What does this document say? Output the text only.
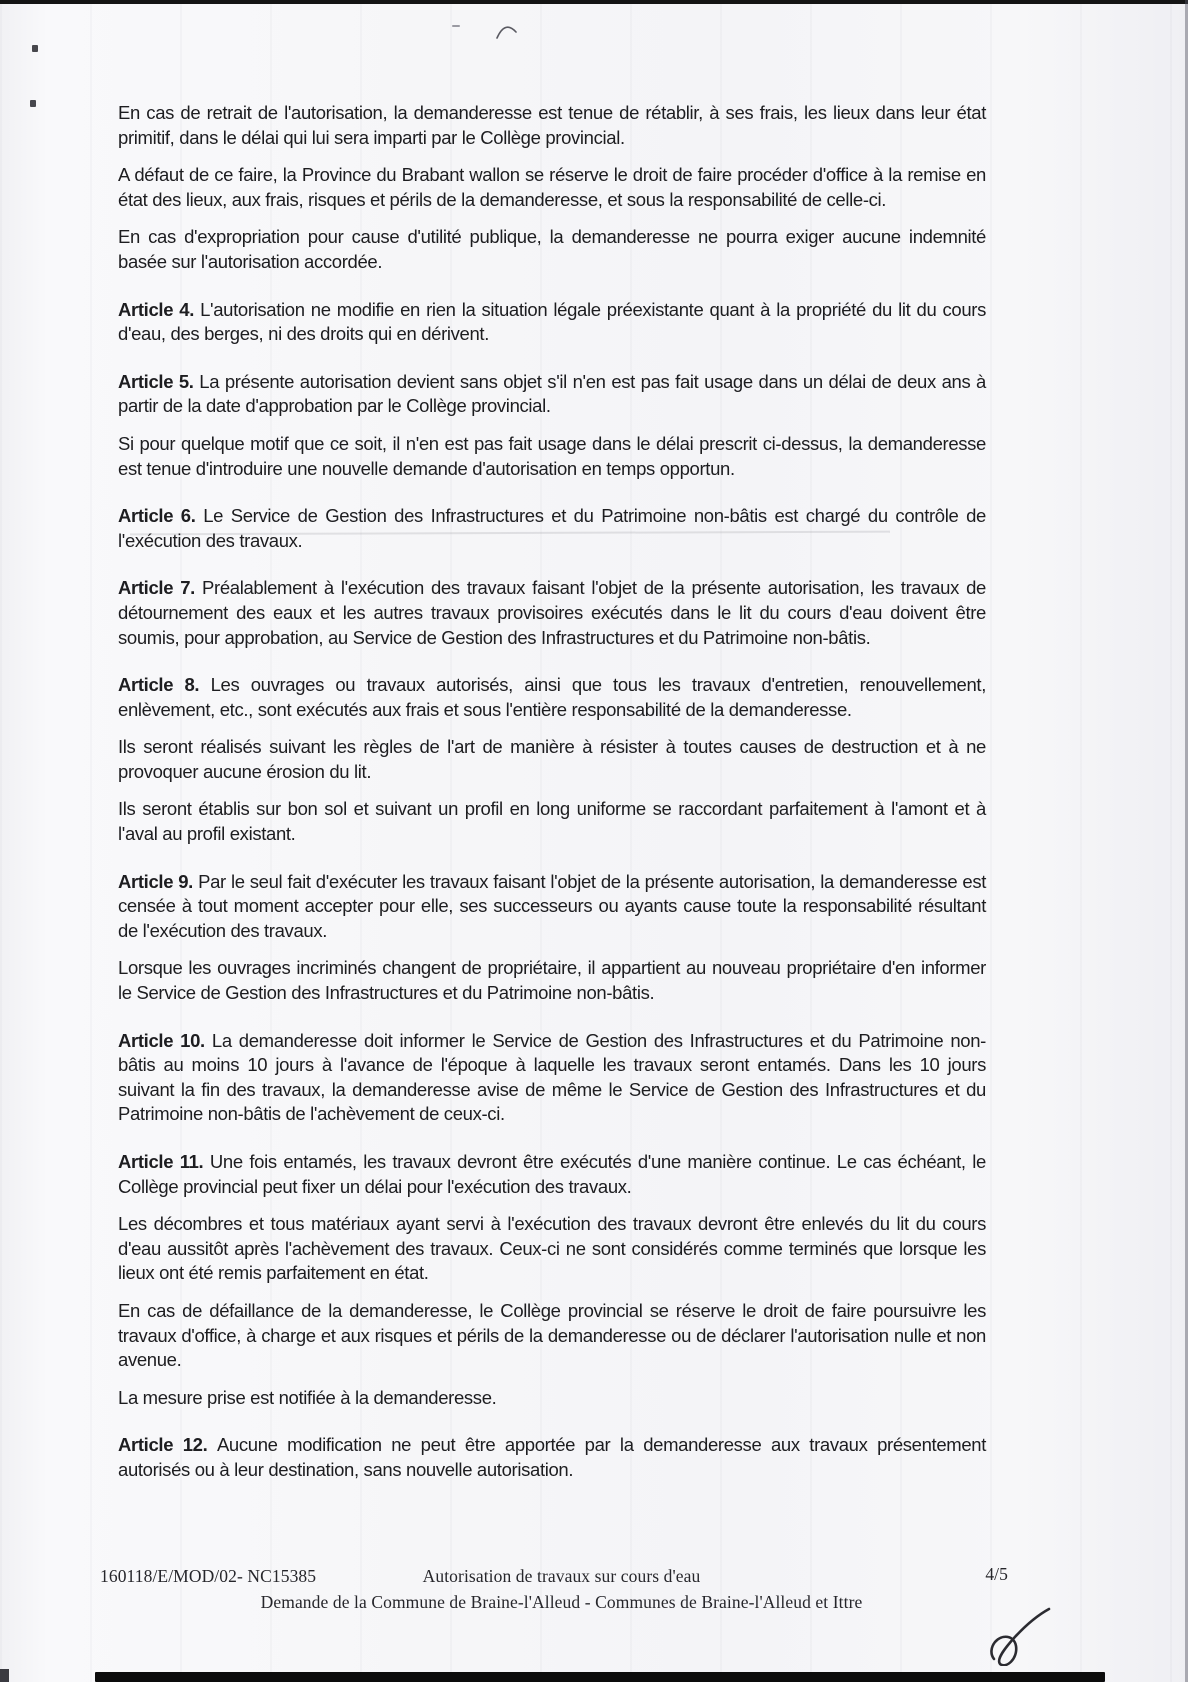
En cas de retrait de l'autorisation, la demanderesse est tenue de rétablir, à ses frais, les lieux dans leur état primitif, dans le délai qui lui sera imparti par le Collège provincial.

A défaut de ce faire, la Province du Brabant wallon se réserve le droit de faire procéder d'office à la remise en état des lieux, aux frais, risques et périls de la demanderesse, et sous la responsabilité de celle-ci.

En cas d'expropriation pour cause d'utilité publique, la demanderesse ne pourra exiger aucune indemnité basée sur l'autorisation accordée.

Article 4. L'autorisation ne modifie en rien la situation légale préexistante quant à la propriété du lit du cours d'eau, des berges, ni des droits qui en dérivent.

Article 5. La présente autorisation devient sans objet s'il n'en est pas fait usage dans un délai de deux ans à partir de la date d'approbation par le Collège provincial.

Si pour quelque motif que ce soit, il n'en est pas fait usage dans le délai prescrit ci-dessus, la demanderesse est tenue d'introduire une nouvelle demande d'autorisation en temps opportun.

Article 6. Le Service de Gestion des Infrastructures et du Patrimoine non-bâtis est chargé du contrôle de l'exécution des travaux.

Article 7. Préalablement à l'exécution des travaux faisant l'objet de la présente autorisation, les travaux de détournement des eaux et les autres travaux provisoires exécutés dans le lit du cours d'eau doivent être soumis, pour approbation, au Service de Gestion des Infrastructures et du Patrimoine non-bâtis.

Article 8. Les ouvrages ou travaux autorisés, ainsi que tous les travaux d'entretien, renouvellement, enlèvement, etc., sont exécutés aux frais et sous l'entière responsabilité de la demanderesse.

Ils seront réalisés suivant les règles de l'art de manière à résister à toutes causes de destruction et à ne provoquer aucune érosion du lit.

Ils seront établis sur bon sol et suivant un profil en long uniforme se raccordant parfaitement à l'amont et à l'aval au profil existant.

Article 9. Par le seul fait d'exécuter les travaux faisant l'objet de la présente autorisation, la demanderesse est censée à tout moment accepter pour elle, ses successeurs ou ayants cause toute la responsabilité résultant de l'exécution des travaux.

Lorsque les ouvrages incriminés changent de propriétaire, il appartient au nouveau propriétaire d'en informer le Service de Gestion des Infrastructures et du Patrimoine non-bâtis.

Article 10. La demanderesse doit informer le Service de Gestion des Infrastructures et du Patrimoine non-bâtis au moins 10 jours à l'avance de l'époque à laquelle les travaux seront entamés. Dans les 10 jours suivant la fin des travaux, la demanderesse avise de même le Service de Gestion des Infrastructures et du Patrimoine non-bâtis de l'achèvement de ceux-ci.

Article 11. Une fois entamés, les travaux devront être exécutés d'une manière continue. Le cas échéant, le Collège provincial peut fixer un délai pour l'exécution des travaux.

Les décombres et tous matériaux ayant servi à l'exécution des travaux devront être enlevés du lit du cours d'eau aussitôt après l'achèvement des travaux. Ceux-ci ne sont considérés comme terminés que lorsque les lieux ont été remis parfaitement en état.

En cas de défaillance de la demanderesse, le Collège provincial se réserve le droit de faire poursuivre les travaux d'office, à charge et aux risques et périls de la demanderesse ou de déclarer l'autorisation nulle et non avenue.

La mesure prise est notifiée à la demanderesse.

Article 12. Aucune modification ne peut être apportée par la demanderesse aux travaux présentement autorisés ou à leur destination, sans nouvelle autorisation.

160118/E/MOD/02- NC15385	Autorisation de travaux sur cours d'eau	4/5
Demande de la Commune de Braine-l'Alleud - Communes de Braine-l'Alleud et Ittre
